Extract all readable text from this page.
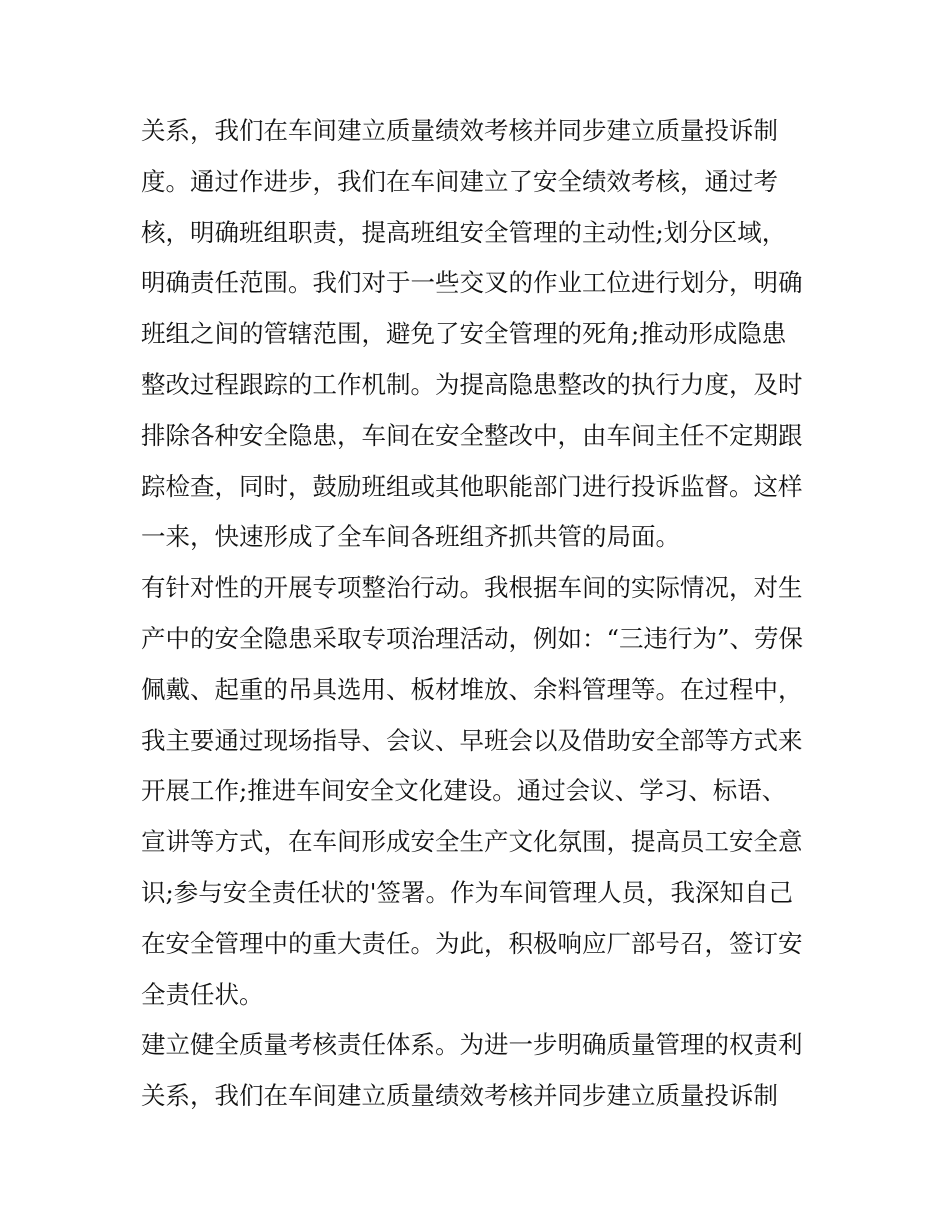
关系，我们在车间建立质量绩效考核并同步建立质量投诉制
度。通过作进步，我们在车间建立了安全绩效考核，通过考
核，明确班组职责，提高班组安全管理的主动性;划分区域，
明确责任范围。我们对于一些交叉的作业工位进行划分，明确
班组之间的管辖范围，避免了安全管理的死角;推动形成隐患
整改过程跟踪的工作机制。为提高隐患整改的执行力度，及时
排除各种安全隐患，车间在安全整改中，由车间主任不定期跟
踪检查，同时，鼓励班组或其他职能部门进行投诉监督。这样
一来，快速形成了全车间各班组齐抓共管的局面。
有针对性的开展专项整治行动。我根据车间的实际情况，对生
产中的安全隐患采取专项治理活动，例如：“三违行为”、劳保
佩戴、起重的吊具选用、板材堆放、余料管理等。在过程中，
我主要通过现场指导、会议、早班会以及借助安全部等方式来
开展工作;推进车间安全文化建设。通过会议、学习、标语、
宣讲等方式，在车间形成安全生产文化氛围，提高员工安全意
识;参与安全责任状的'签署。作为车间管理人员，我深知自己
在安全管理中的重大责任。为此，积极响应厂部号召，签订安
全责任状。
建立健全质量考核责任体系。为进一步明确质量管理的权责利
关系，我们在车间建立质量绩效考核并同步建立质量投诉制
